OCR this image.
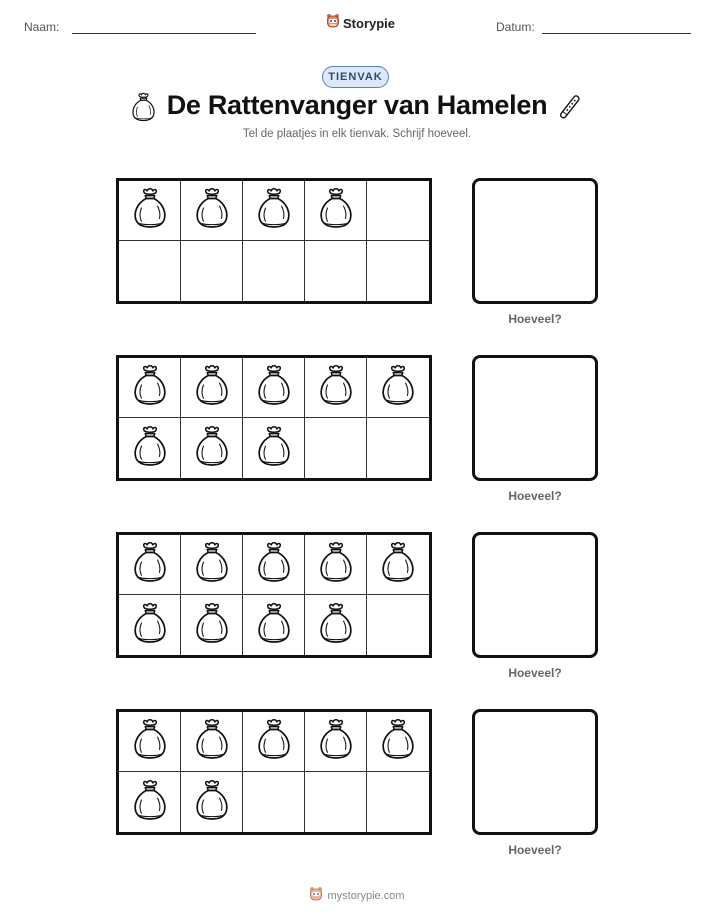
Naam:	Storypie	Datum:
TIENVAK
De Rattenvanger van Hamelen
Tel de plaatjes in elk tienvak. Schrijf hoeveel.
Hoeveel?
Hoeveel?
Hoeveel?
Hoeveel?
mystorypie.com
